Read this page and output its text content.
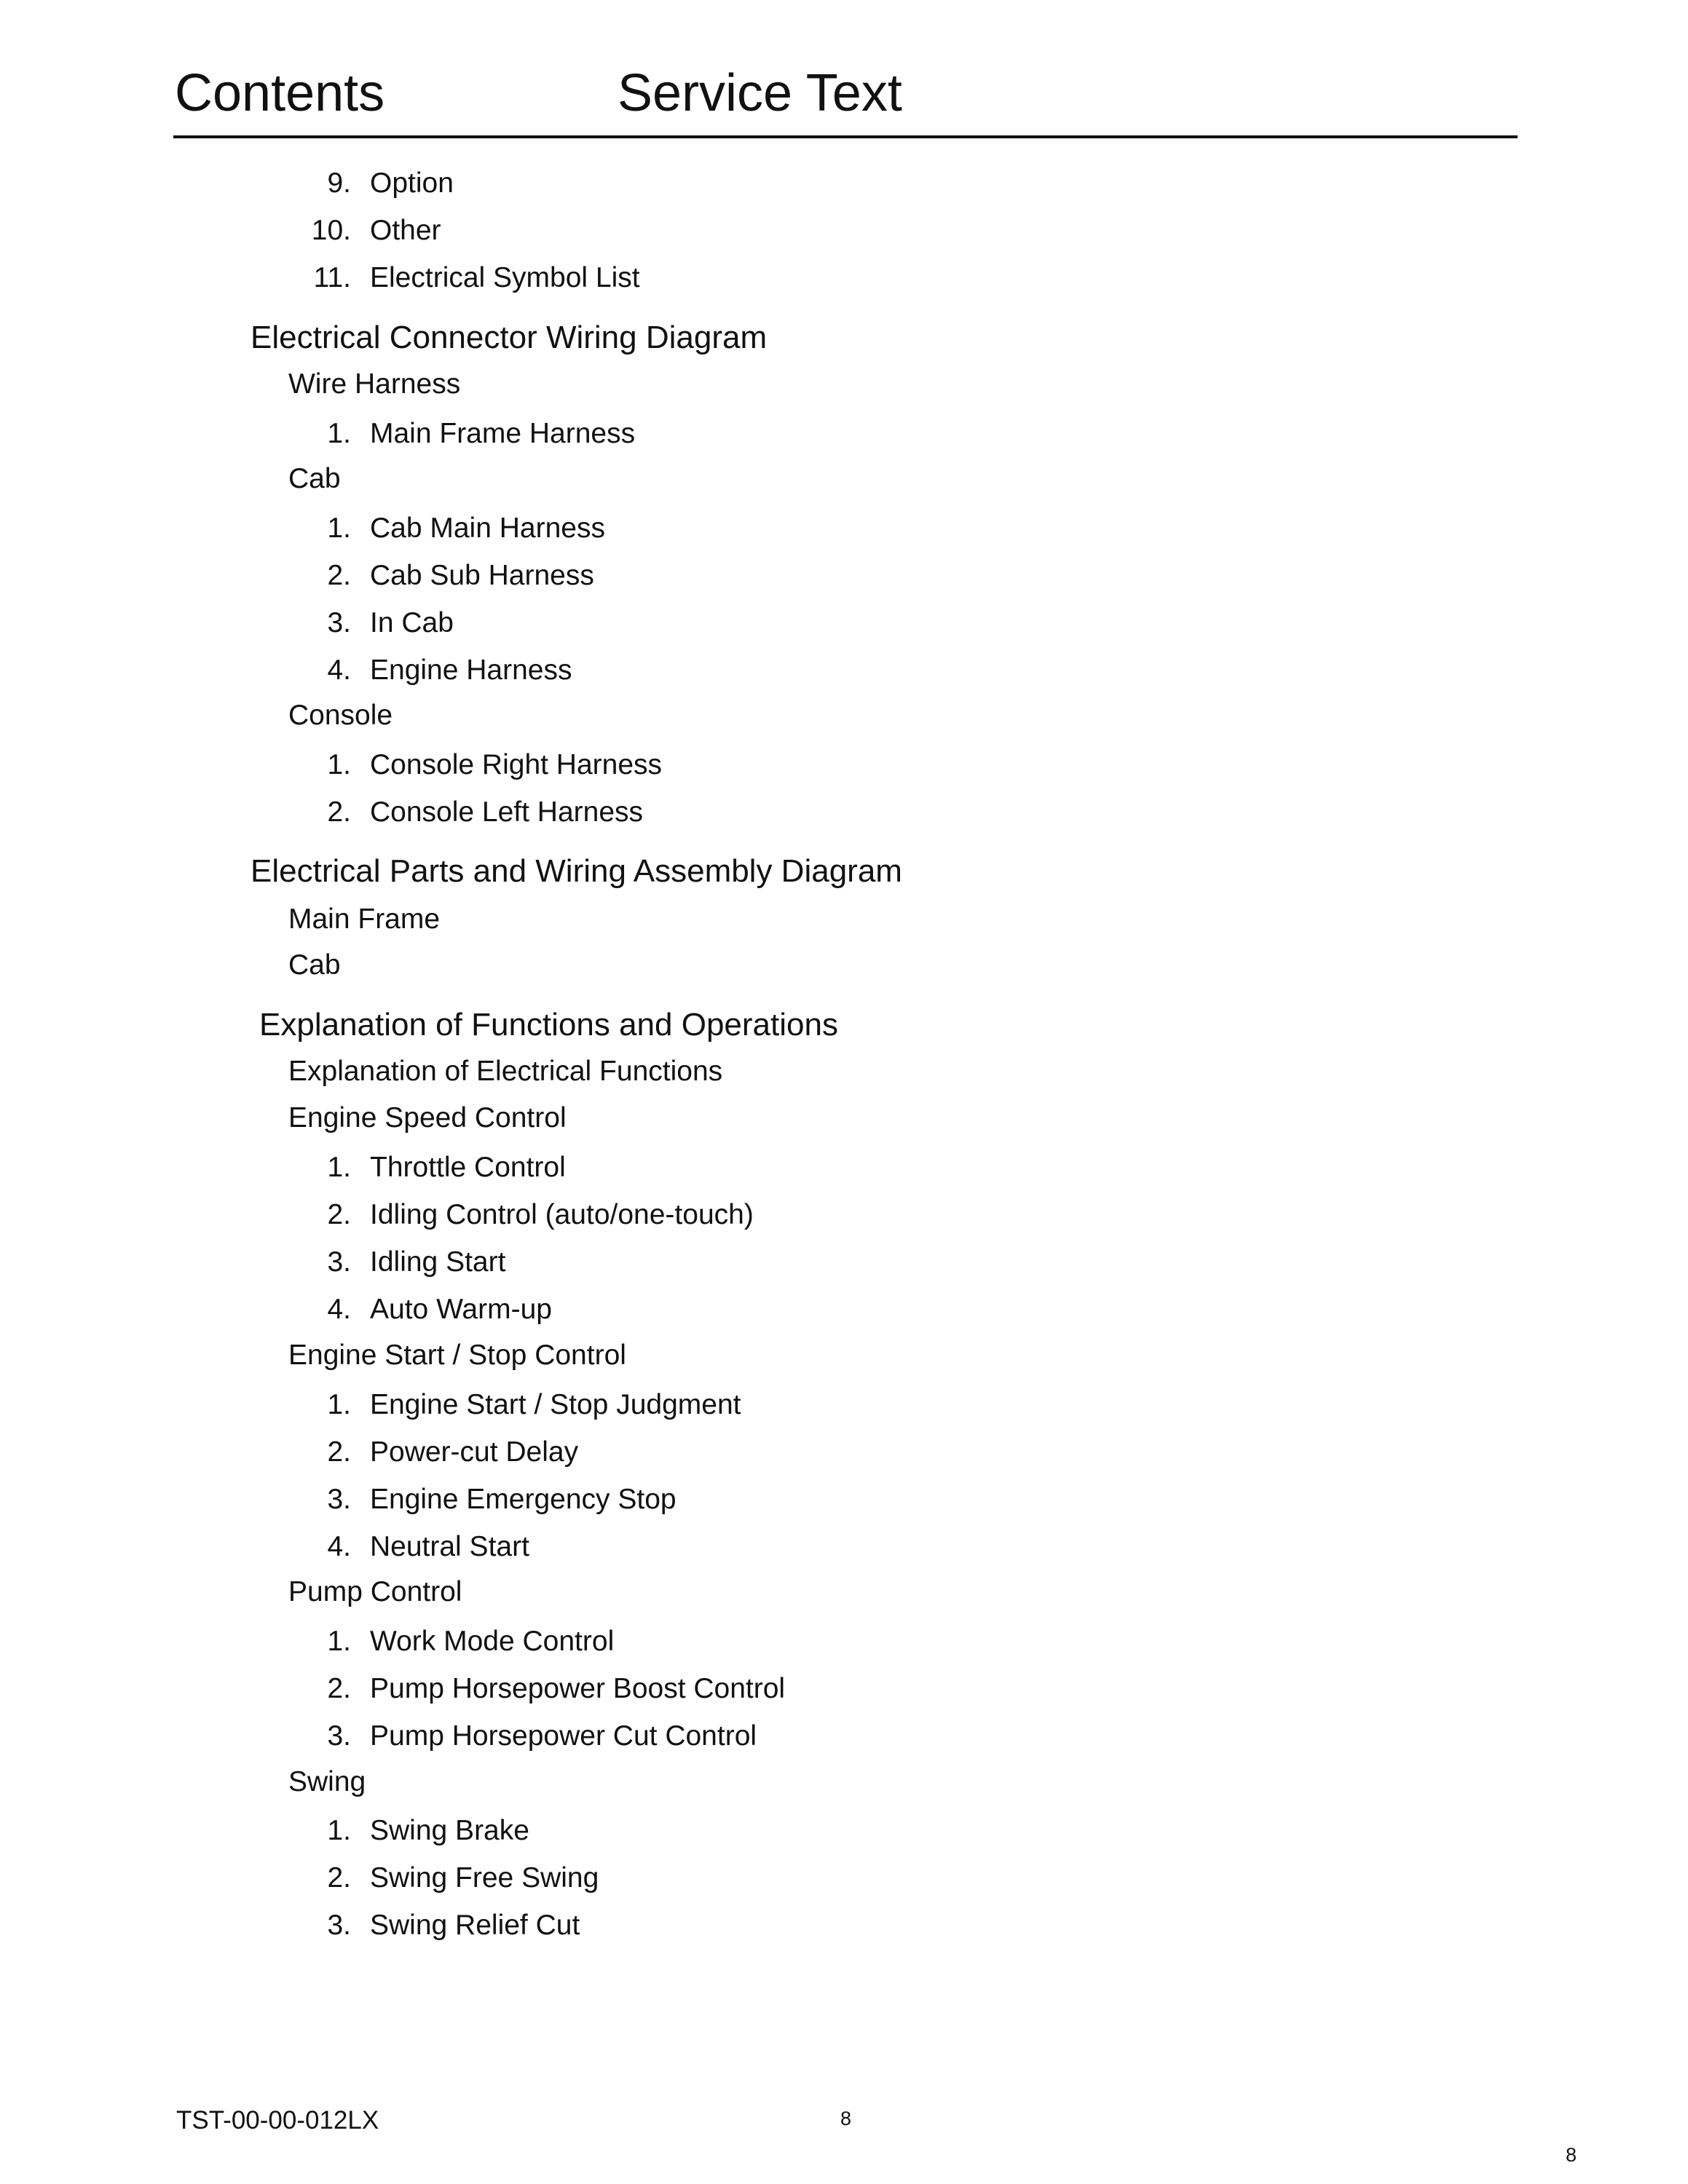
Contents	Service Text
9. Option
10. Other
11. Electrical Symbol List
Electrical Connector Wiring Diagram
Wire Harness
1. Main Frame Harness
Cab
1. Cab Main Harness
2. Cab Sub Harness
3. In Cab
4. Engine Harness
Console
1. Console Right Harness
2. Console Left Harness
Electrical Parts and Wiring Assembly Diagram
Main Frame
Cab
Explanation of Functions and Operations
Explanation of Electrical Functions
Engine Speed Control
1. Throttle Control
2. Idling Control (auto/one-touch)
3. Idling Start
4. Auto Warm-up
Engine Start / Stop Control
1. Engine Start / Stop Judgment
2. Power-cut Delay
3. Engine Emergency Stop
4. Neutral Start
Pump Control
1. Work Mode Control
2. Pump Horsepower Boost Control
3. Pump Horsepower Cut Control
Swing
1. Swing Brake
2. Swing Free Swing
3. Swing Relief Cut
TST-00-00-012LX	8
8
